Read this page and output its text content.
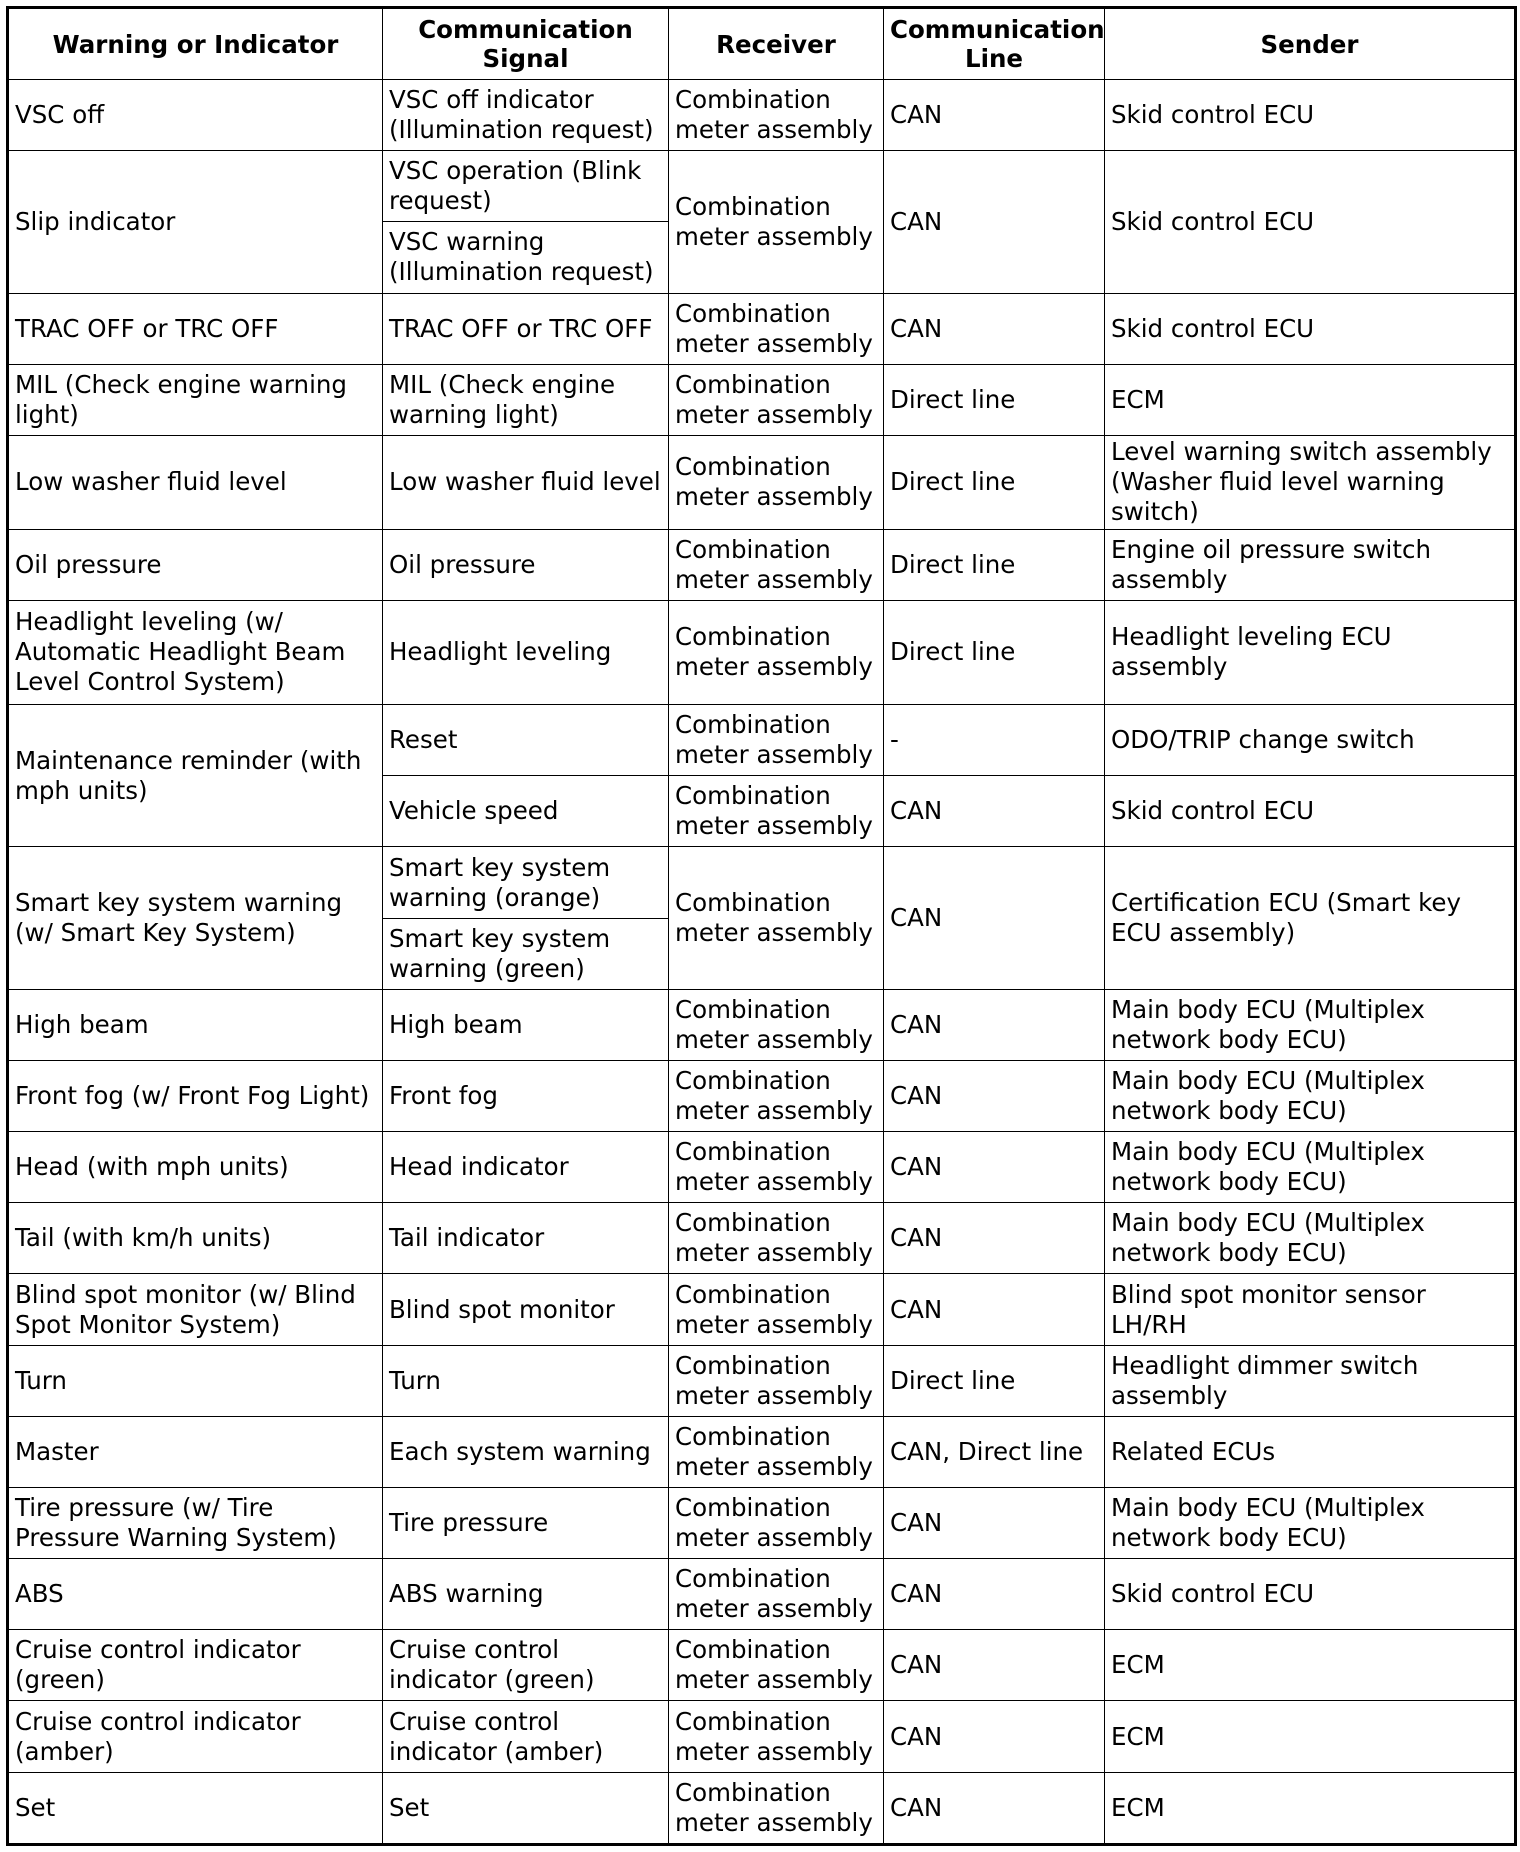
Warning or Indicator	Communication Signal	Receiver	Communication Line	Sender
VSC off	VSC off indicator (Illumination request)	Combination meter assembly	CAN	Skid control ECU
Slip indicator	VSC operation (Blink request)	Combination meter assembly	CAN	Skid control ECU
	VSC warning (Illumination request)			
TRAC OFF or TRC OFF	TRAC OFF or TRC OFF	Combination meter assembly	CAN	Skid control ECU
MIL (Check engine warning light)	MIL (Check engine warning light)	Combination meter assembly	Direct line	ECM
Low washer fluid level	Low washer fluid level	Combination meter assembly	Direct line	Level warning switch assembly (Washer fluid level warning switch)
Oil pressure	Oil pressure	Combination meter assembly	Direct line	Engine oil pressure switch assembly
Headlight leveling (w/ Automatic Headlight Beam Level Control System)	Headlight leveling	Combination meter assembly	Direct line	Headlight leveling ECU assembly
Maintenance reminder (with mph units)	Reset	Combination meter assembly	-	ODO/TRIP change switch
	Vehicle speed	Combination meter assembly	CAN	Skid control ECU
Smart key system warning (w/ Smart Key System)	Smart key system warning (orange)	Combination meter assembly	CAN	Certification ECU (Smart key ECU assembly)
	Smart key system warning (green)			
High beam	High beam	Combination meter assembly	CAN	Main body ECU (Multiplex network body ECU)
Front fog (w/ Front Fog Light)	Front fog	Combination meter assembly	CAN	Main body ECU (Multiplex network body ECU)
Head (with mph units)	Head indicator	Combination meter assembly	CAN	Main body ECU (Multiplex network body ECU)
Tail (with km/h units)	Tail indicator	Combination meter assembly	CAN	Main body ECU (Multiplex network body ECU)
Blind spot monitor (w/ Blind Spot Monitor System)	Blind spot monitor	Combination meter assembly	CAN	Blind spot monitor sensor LH/RH
Turn	Turn	Combination meter assembly	Direct line	Headlight dimmer switch assembly
Master	Each system warning	Combination meter assembly	CAN, Direct line	Related ECUs
Tire pressure (w/ Tire Pressure Warning System)	Tire pressure	Combination meter assembly	CAN	Main body ECU (Multiplex network body ECU)
ABS	ABS warning	Combination meter assembly	CAN	Skid control ECU
Cruise control indicator (green)	Cruise control indicator (green)	Combination meter assembly	CAN	ECM
Cruise control indicator (amber)	Cruise control indicator (amber)	Combination meter assembly	CAN	ECM
Set	Set	Combination meter assembly	CAN	ECM
